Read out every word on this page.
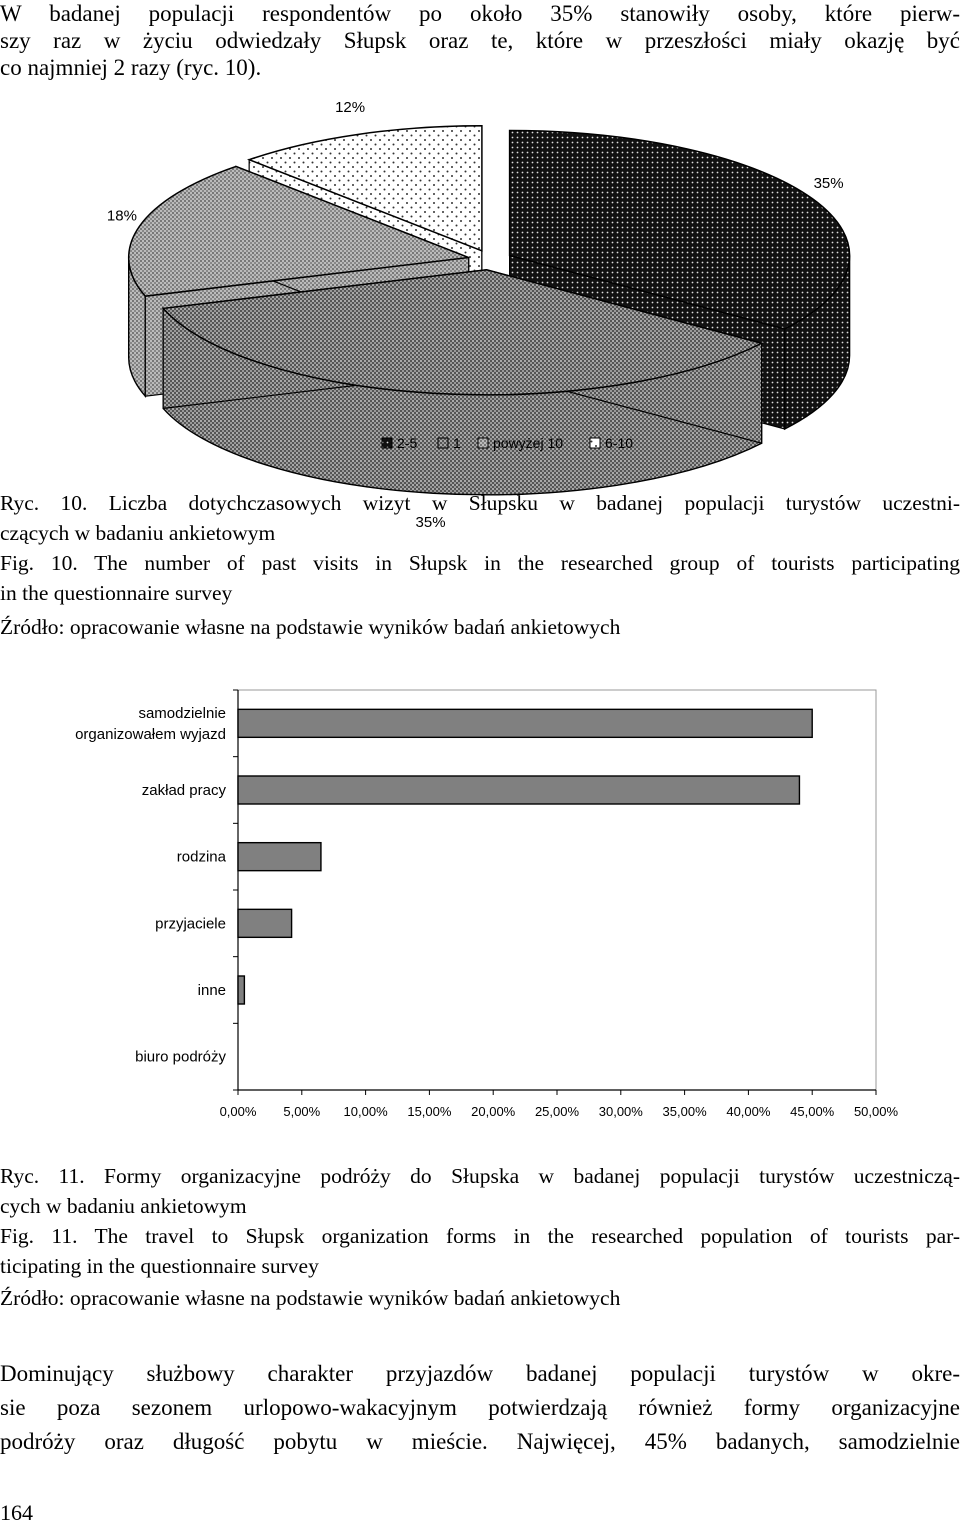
W badanej populacji respondentów po około 35% stanowiły osoby, które pierw-
szy raz w życiu odwiedzały Słupsk oraz te, które w przeszłości miały okazję być
co najmniej 2 razy (ryc. 10).
35%
35%
18%
12%
2-5	1 powyżej 10	6-10
Ryc. 10. Liczba dotychczasowych wizyt w Słupsku w badanej populacji turystów uczestni-
czących w badaniu ankietowym
Fig. 10. The number of past visits in Słupsk in the researched group of tourists participating
in the questionnaire survey
Źródło: opracowanie własne na podstawie wyników badań ankietowych
samodzielnie organizowałem wyjazd
zakład pracy
rodzina
przyjaciele
inne
biuro podróży
0,00% 5,00% 10,00% 15,00% 20,00% 25,00% 30,00% 35,00% 40,00% 45,00% 50,00%
Ryc. 11. Formy organizacyjne podróży do Słupska w badanej populacji turystów uczestniczą-
cych w badaniu ankietowym
Fig. 11. The travel to Słupsk organization forms in the researched population of tourists par-
ticipating in the questionnaire survey
Źródło: opracowanie własne na podstawie wyników badań ankietowych
Dominujący służbowy charakter przyjazdów badanej populacji turystów w okre-
sie poza sezonem urlopowo-wakacyjnym potwierdzają również formy organizacyjne
podróży oraz długość pobytu w mieście. Najwięcej, 45% badanych, samodzielnie
164
